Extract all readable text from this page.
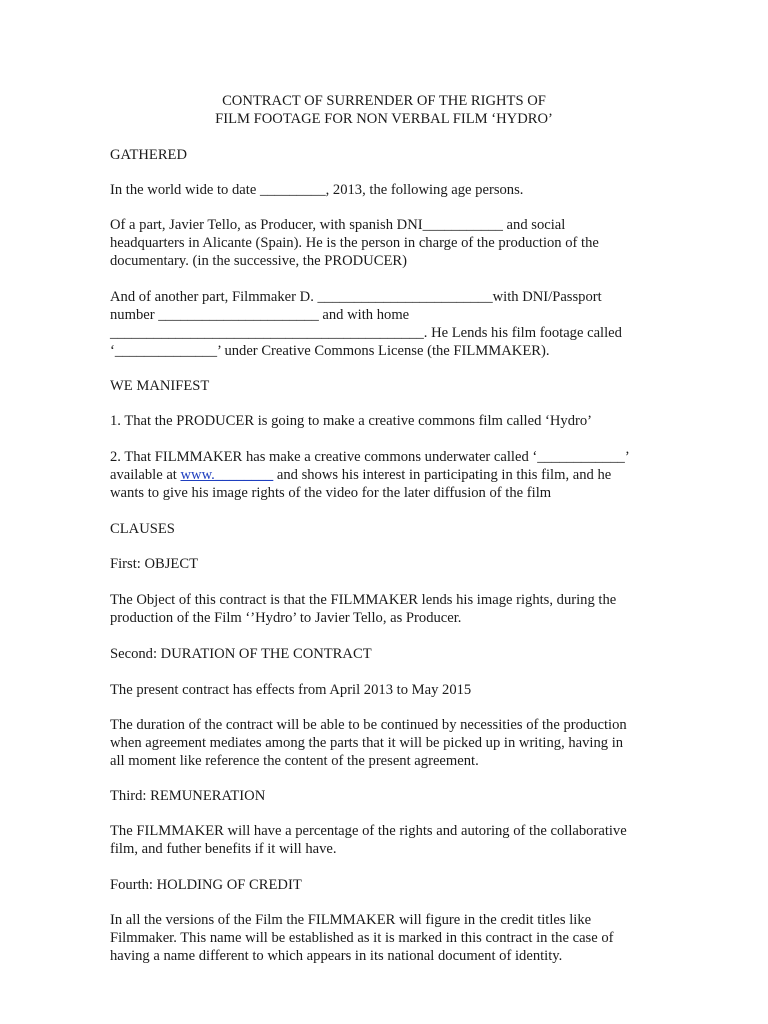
CONTRACT OF SURRENDER OF THE RIGHTS OF
FILM FOOTAGE FOR NON VERBAL FILM ‘HYDRO’
GATHERED
In the world wide to date _________, 2013, the following age persons.
Of a part, Javier Tello, as Producer, with spanish DNI___________ and social
headquarters in Alicante (Spain). He is the person in charge of the production of the
documentary. (in the successive, the PRODUCER)
And of another part, Filmmaker D. ________________________with DNI/Passport
number ______________________ and with home
___________________________________________. He Lends his film footage called
‘______________’ under Creative Commons License (the FILMMAKER).
WE MANIFEST
1. That the PRODUCER is going to make a creative commons film called ‘Hydro’
2. That FILMMAKER has make a creative commons underwater called ‘____________’
available at www.________ and shows his interest in participating in this film, and he
wants to give his image rights of the video for the later diffusion of the film
CLAUSES
First: OBJECT
The Object of this contract is that the FILMMAKER lends his image rights, during the
production of the Film ‘’Hydro’ to Javier Tello, as Producer.
Second: DURATION OF THE CONTRACT
The present contract has effects from April 2013 to May 2015
The duration of the contract will be able to be continued by necessities of the production
when agreement mediates among the parts that it will be picked up in writing, having in
all moment like reference the content of the present agreement.
Third: REMUNERATION
The FILMMAKER will have a percentage of the rights and autoring of the collaborative
film, and futher benefits if it will have.
Fourth: HOLDING OF CREDIT
In all the versions of the Film the FILMMAKER will figure in the credit titles like
Filmmaker. This name will be established as it is marked in this contract in the case of
having a name different to which appears in its national document of identity.
